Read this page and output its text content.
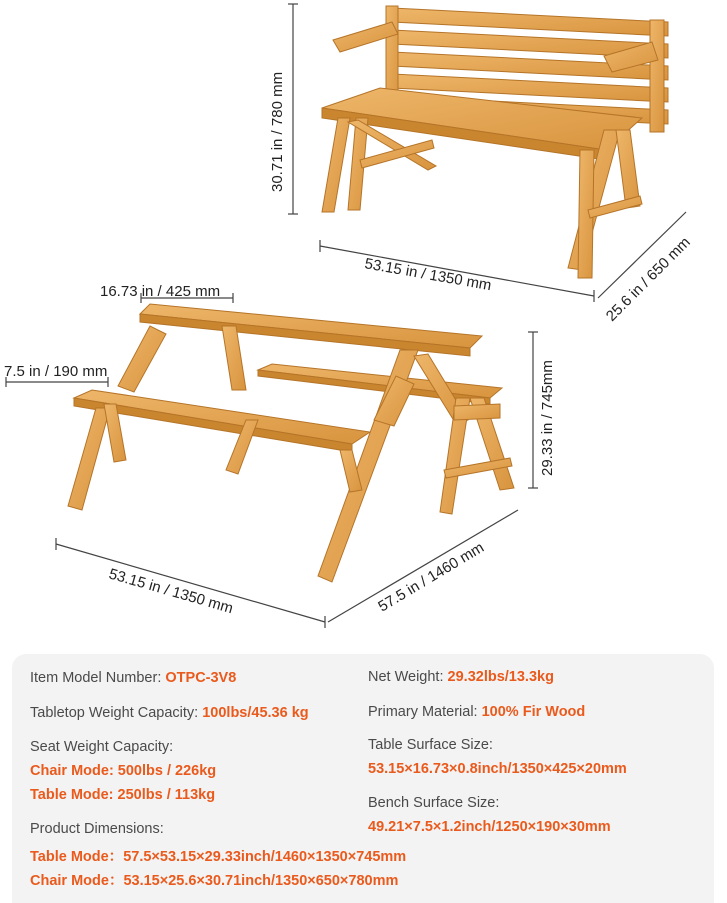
30.71 in / 780 mm
53.15 in / 1350 mm	25.6 in / 650 mm
16.73 in / 425 mm
7.5 in / 190 mm	29.33 in / 745mm
53.15 in / 1350 mm	57.5 in / 1460 mm
Item Model Number: OTPC-3V8	Net Weight: 29.32lbs/13.3kg
Tabletop Weight Capacity: 100lbs/45.36 kg	Primary Material: 100% Fir Wood
Seat Weight Capacity:
Chair Mode: 500lbs / 226kg
Table Mode: 250lbs / 113kg
Table Surface Size:
53.15×16.73×0.8inch/1350×425×20mm
Bench Surface Size:
49.21×7.5×1.2inch/1250×190×30mm
Product Dimensions:
Table Mode：57.5×53.15×29.33inch/1460×1350×745mm
Chair Mode：53.15×25.6×30.71inch/1350×650×780mm
